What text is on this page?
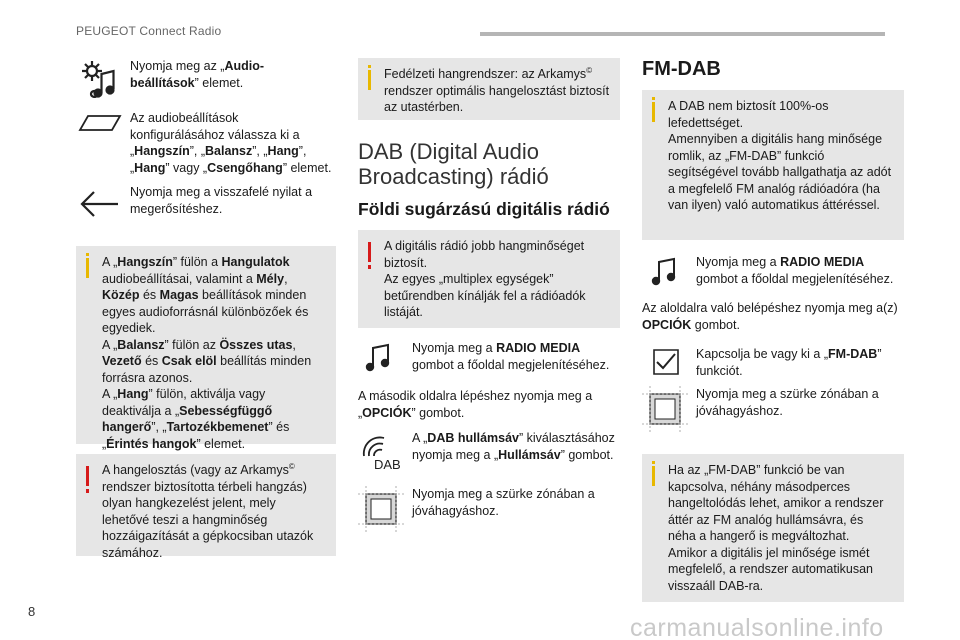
PEUGEOT Connect Radio
Nyomja meg az „Audio-beállítások” elemet.
Az audiobeállítások konfigurálásához válassza ki a „Hangszín”, „Balansz”, „Hang”, „Hang” vagy „Csengőhang” elemet.
Nyomja meg a visszafelé nyilat a megerősítéshez.
A „Hangszín” fülön a Hangulatok audiobeállításai, valamint a Mély, Közép és Magas beállítások minden egyes audioforrásnál különbözőek és egyediek.
A „Balansz” fülön az Összes utas, Vezető és Csak elöl beállítás minden forrásra azonos.
A „Hang” fülön, aktiválja vagy deaktiválja a „Sebességfüggő hangerő”, „Tartozékbemenet” és „Érintés hangok” elemet.
A hangelosztás (vagy az Arkamys© rendszer biztosította térbeli hangzás) olyan hangkezelést jelent, mely lehetővé teszi a hangminőség hozzáigazítását a gépkocsiban utazók számához.
Fedélzeti hangrendszer: az Arkamys© rendszer optimális hangelosztást biztosít az utastérben.
DAB (Digital Audio Broadcasting) rádió
Földi sugárzású digitális rádió
A digitális rádió jobb hangminőséget biztosít.
Az egyes „multiplex egységek” betűrendben kínálják fel a rádióadók listáját.
Nyomja meg a RADIO MEDIA gombot a főoldal megjelenítéséhez.
A második oldalra lépéshez nyomja meg a „OPCIÓK” gombot.
DAB
A „DAB hullámsáv” kiválasztásához nyomja meg a „Hullámsáv” gombot.
Nyomja meg a szürke zónában a jóváhagyáshoz.
FM-DAB
A DAB nem biztosít 100%-os lefedettséget.
Amennyiben a digitális hang minősége romlik, az „FM-DAB” funkció segítségével tovább hallgathatja az adót a megfelelő FM analóg rádióadóra (ha van ilyen) való automatikus áttéréssel.
Nyomja meg a RADIO MEDIA gombot a főoldal megjelenítéséhez.
Az aloldalra való belépéshez nyomja meg a(z) OPCIÓK gombot.
Kapcsolja be vagy ki a „FM-DAB” funkciót.
Nyomja meg a szürke zónában a jóváhagyáshoz.
Ha az „FM-DAB” funkció be van kapcsolva, néhány másodperces hangeltolódás lehet, amikor a rendszer áttér az FM analóg hullámsávra, és néha a hangerő is megváltozhat.
Amikor a digitális jel minősége ismét megfelelő, a rendszer automatikusan visszaáll DAB-ra.
8
carmanualsonline.info
